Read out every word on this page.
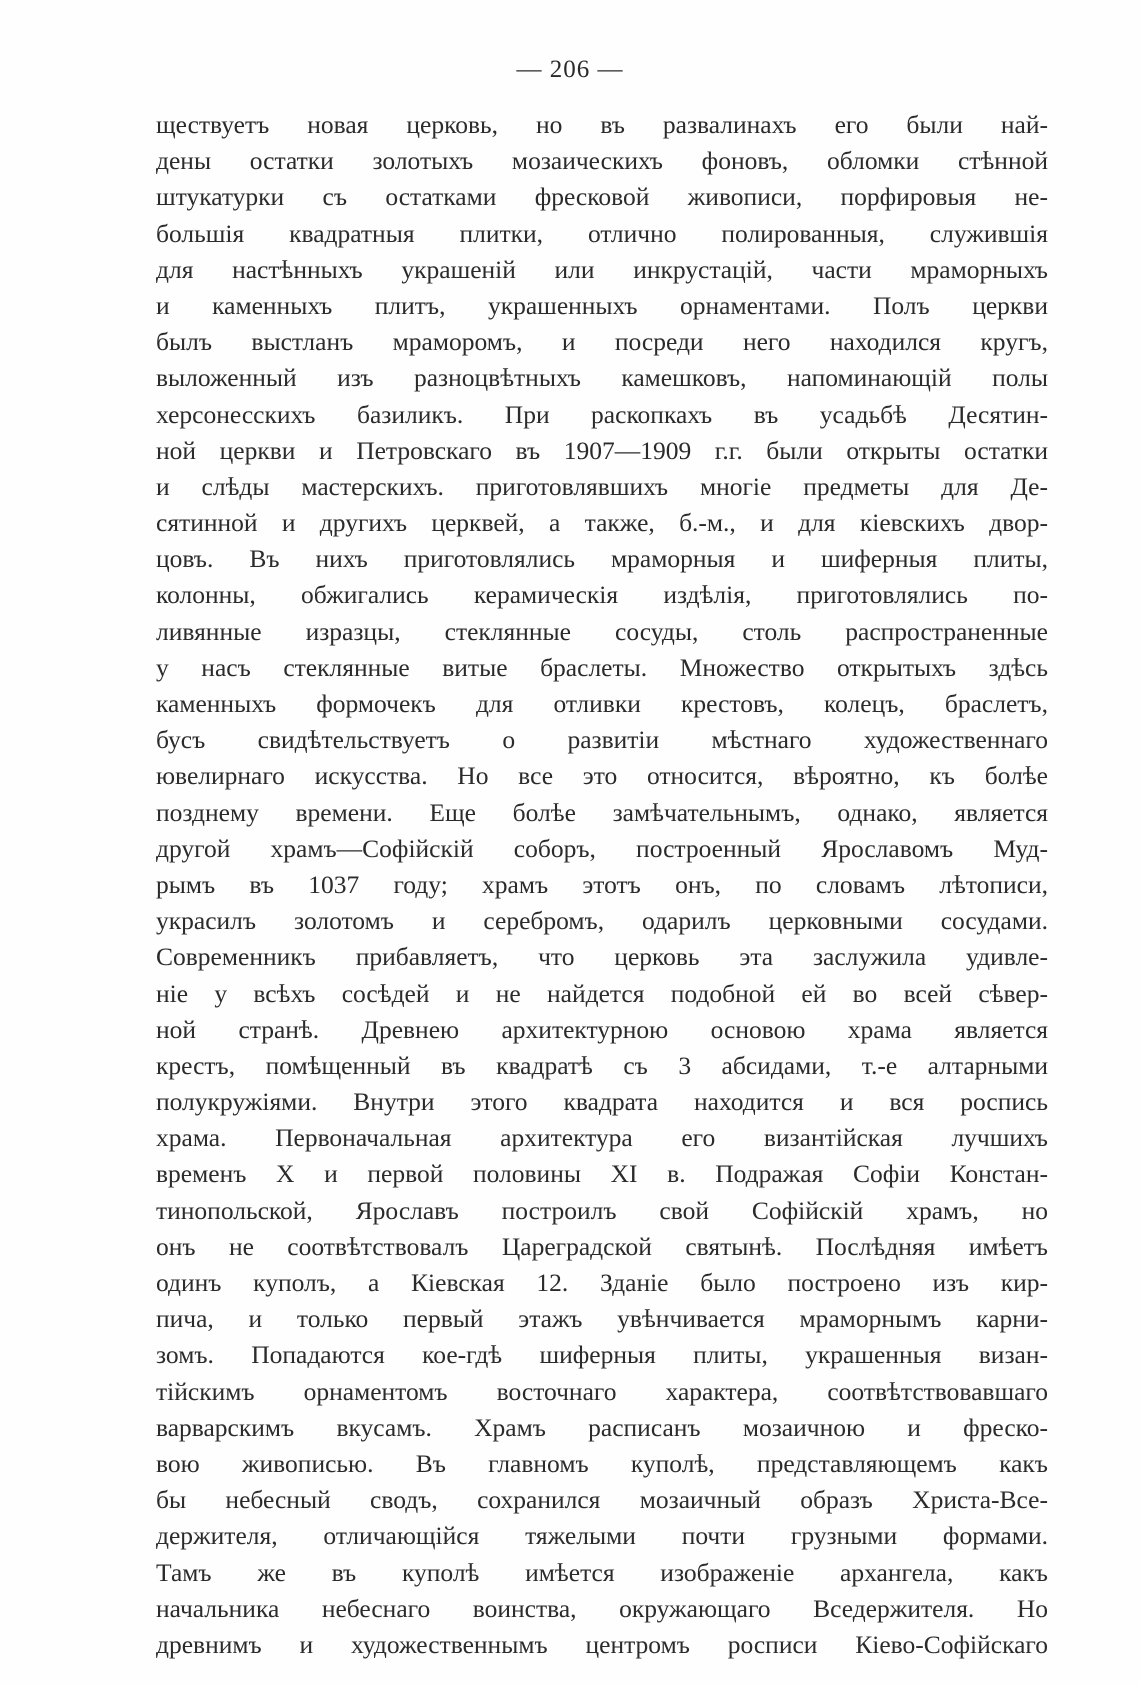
— 206 —
ществуетъ новая церковь, но въ развалинахъ его были най-
дены остатки золотыхъ мозаическихъ фоновъ, обломки стѣнной
штукатурки съ остатками фресковой живописи, порфировыя не-
большія квадратныя плитки, отлично полированныя, служившія
для настѣнныхъ украшеній или инкрустацій, части мраморныхъ
и каменныхъ плитъ, украшенныхъ орнаментами. Полъ церкви
былъ выстланъ мраморомъ, и посреди него находился кругъ,
выложенный изъ разноцвѣтныхъ камешковъ, напоминающій полы
херсонесскихъ базиликъ. При раскопкахъ въ усадьбѣ Десятин-
ной церкви и Петровскаго въ 1907—1909 г.г. были открыты остатки
и слѣды мастерскихъ. приготовлявшихъ многіе предметы для Де-
сятинной и другихъ церквей, а также, б.-м., и для кіевскихъ двор-
цовъ. Въ нихъ приготовлялись мраморныя и шиферныя плиты,
колонны, обжигались керамическія издѣлія, приготовлялись по-
ливянные изразцы, стеклянные сосуды, столь распространенные
у насъ стеклянные витые браслеты. Множество открытыхъ здѣсь
каменныхъ формочекъ для отливки крестовъ, колецъ, браслетъ,
бусъ свидѣтельствуетъ о развитіи мѣстнаго художественнаго
ювелирнаго искусства. Но все это относится, вѣроятно, къ болѣе
позднему времени. Еще болѣе замѣчательнымъ, однако, является
другой храмъ—Софійскій соборъ, построенный Ярославомъ Муд-
рымъ въ 1037 году; храмъ этотъ онъ, по словамъ лѣтописи,
украсилъ золотомъ и серебромъ, одарилъ церковными сосудами.
Современникъ прибавляетъ, что церковь эта заслужила удивле-
ніе у всѣхъ сосѣдей и не найдется подобной ей во всей сѣвер-
ной странѣ. Древнею архитектурною основою храма является
крестъ, помѣщенный въ квадратѣ съ 3 абсидами, т.-е алтарными
полукружіями. Внутри этого квадрата находится и вся роспись
храма. Первоначальная архитектура его византійская лучшихъ
временъ X и первой половины XI в. Подражая Софіи Констан-
тинопольской, Ярославъ построилъ свой Софійскій храмъ, но
онъ не соотвѣтствовалъ Цареградской святынѣ. Послѣдняя имѣетъ
одинъ куполъ, а Кіевская 12. Зданіе было построено изъ кир-
пича, и только первый этажъ увѣнчивается мраморнымъ карни-
зомъ. Попадаются кое-гдѣ шиферныя плиты, украшенныя визан-
тійскимъ орнаментомъ восточнаго характера, соотвѣтствовавшаго
варварскимъ вкусамъ. Храмъ расписанъ мозаичною и фреско-
вою живописью. Въ главномъ куполѣ, представляющемъ какъ
бы небесный сводъ, сохранился мозаичный образъ Христа-Все-
держителя, отличающійся тяжелыми почти грузными формами.
Тамъ же въ куполѣ имѣется изображеніе архангела, какъ
начальника небеснаго воинства, окружающаго Вседержителя. Но
древнимъ и художественнымъ центромъ росписи Кіево-Софійскаго
